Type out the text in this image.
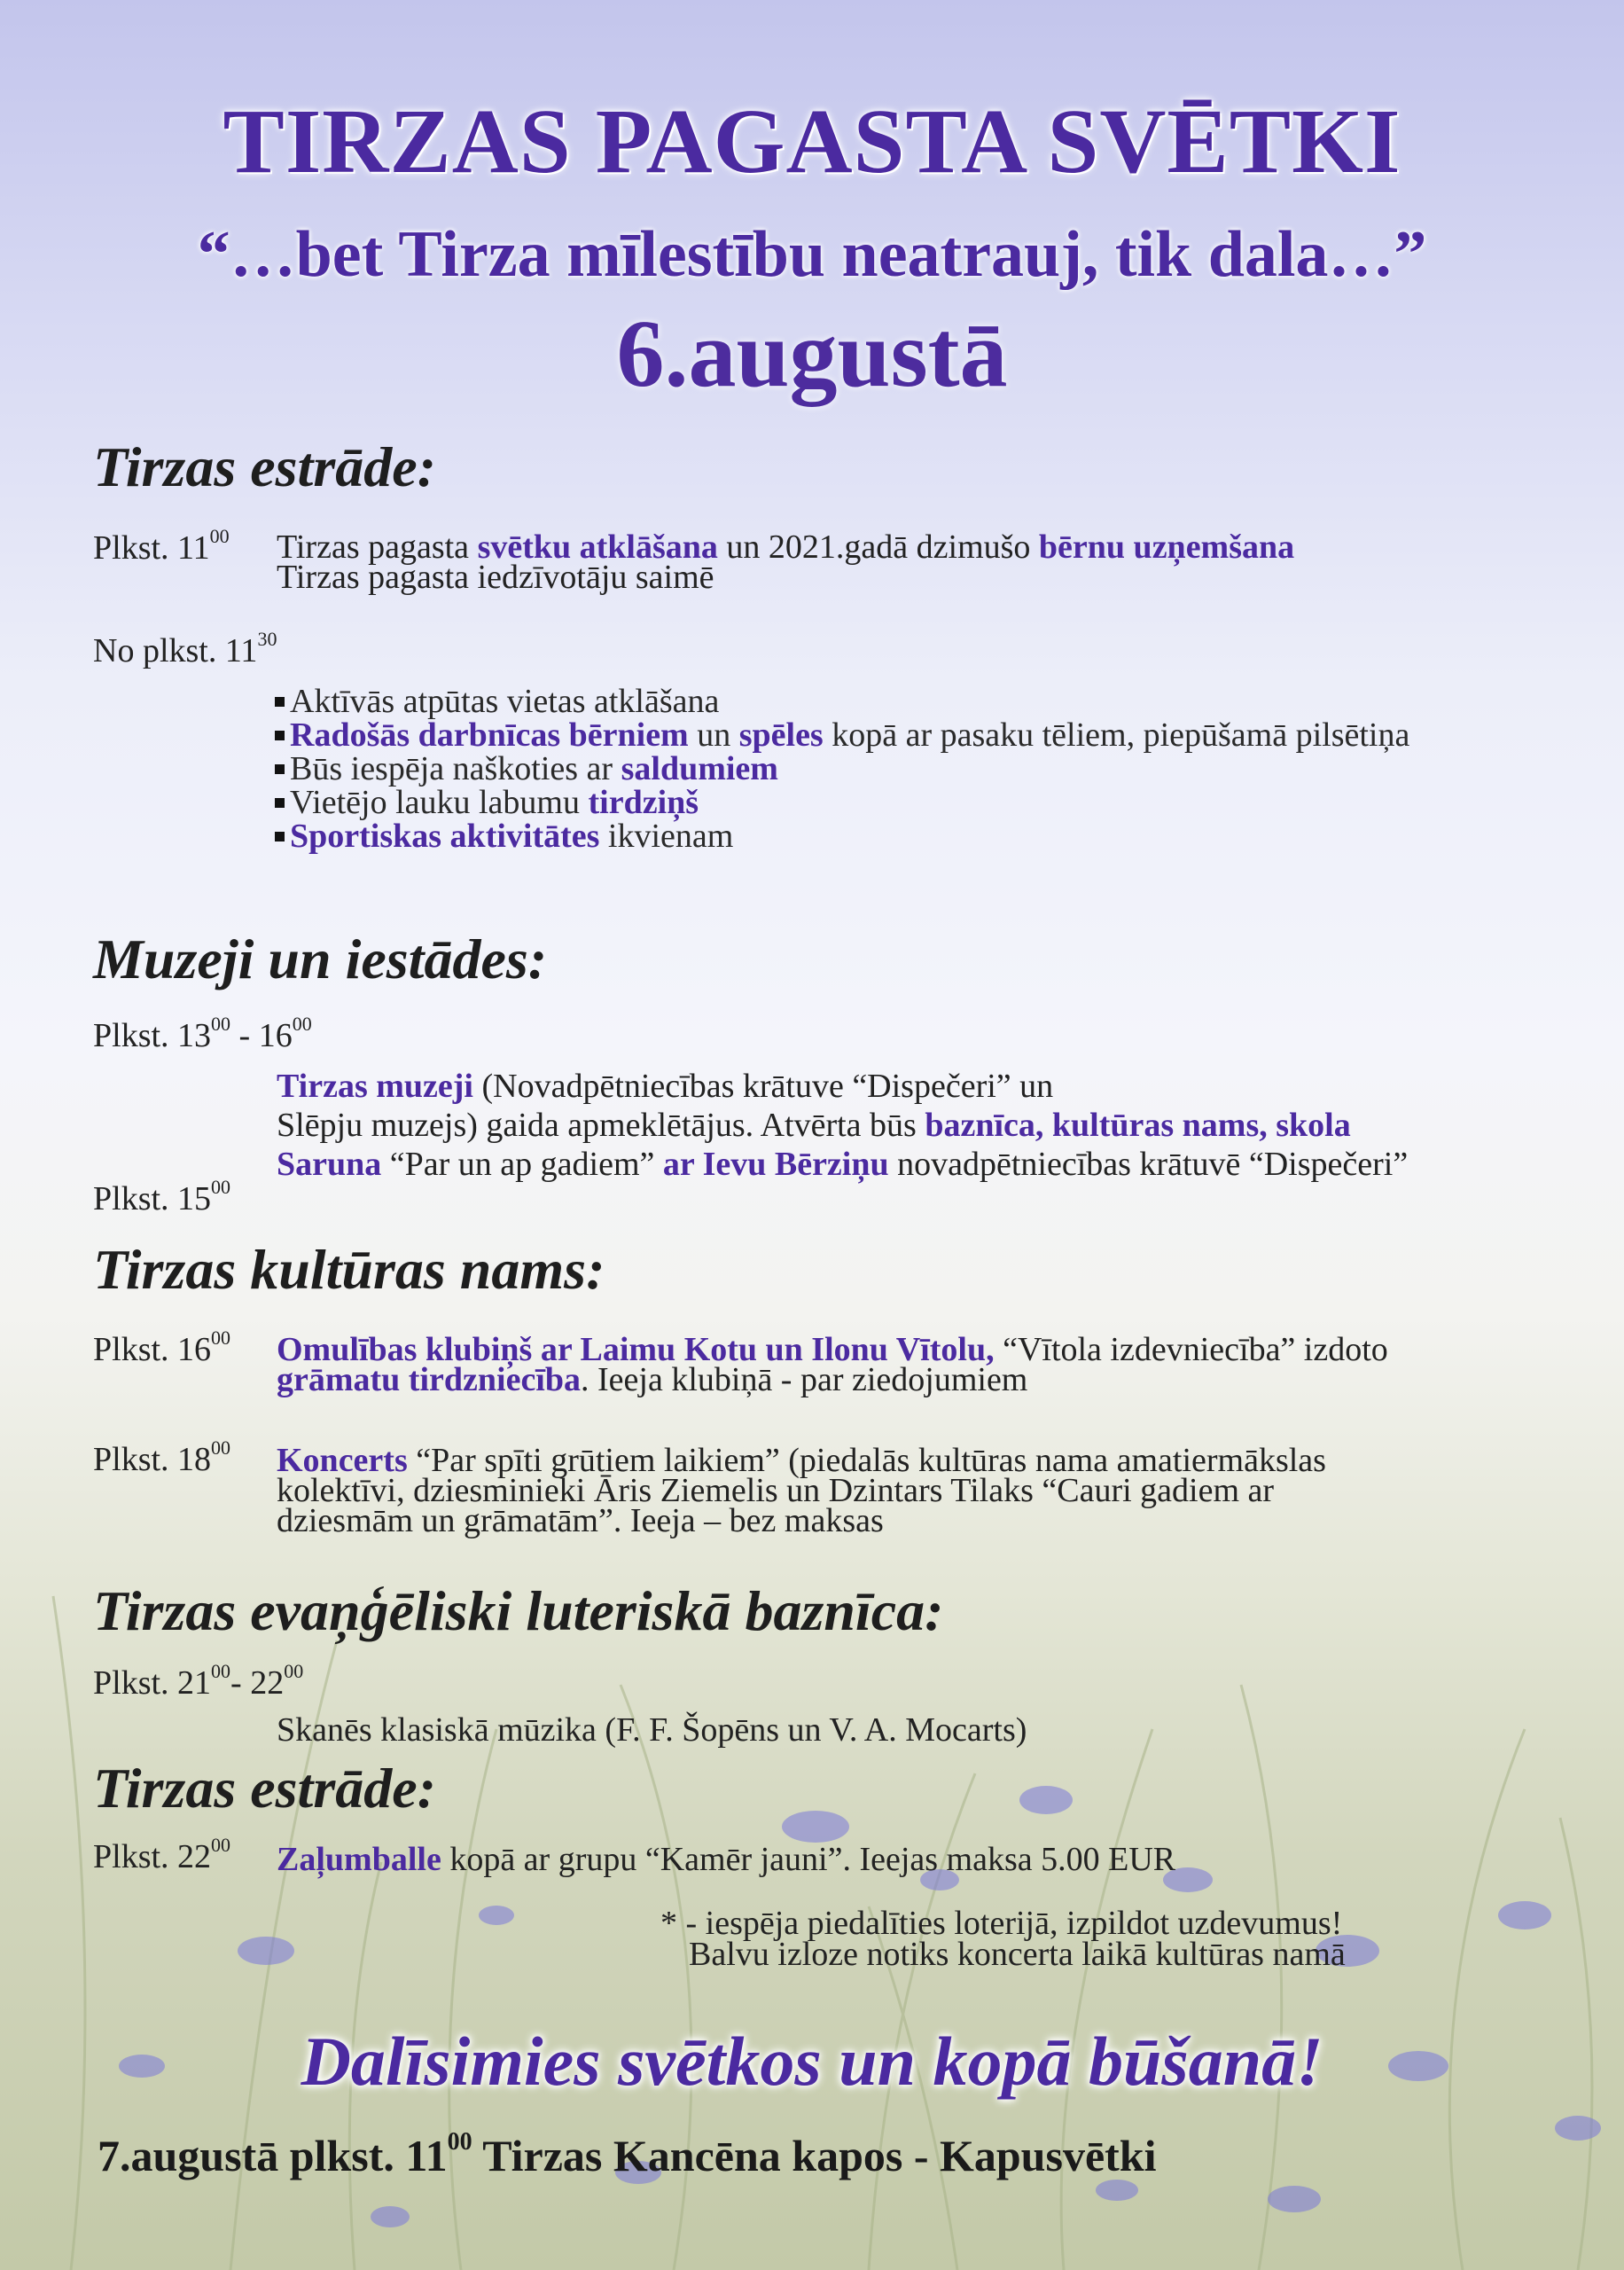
TIRZAS PAGASTA SVĒTKI
“…bet Tirza mīlestību neatrauj, tik dala…”
6.augustā
Tirzas estrāde:
Plkst. $11^{00}$ Tirzas pagasta svētku atklāšana un 2021.gadā dzimušo bērnu uzņemšana
Tirzas pagasta iedzīvotāju saimē
No plkst. $11^{30}$
Aktīvās atpūtas vietas atklāšana
Radošās darbnīcas bērniem un spēles kopā ar pasaku tēliem, piepūšamā pilsētiņa
Būs iespēja naškoties ar saldumiem
Vietējo lauku labumu tirdziņš
Sportiskas aktivitātes ikvienam
Muzeji un iestādes:
Plkst. $13^{00} - 16^{00}$
Tirzas muzeji (Novadpētniecības krātuve “Dispečeri” un
Slēpju muzejs) gaida apmeklētājus. Atvērta būs baznīca, kultūras nams, skola
Saruna “Par un ap gadiem” ar Ievu Bērziņu novadpētniecības krātuvē “Dispečeri”
Plkst. $15^{00}$
Tirzas kultūras nams:
Plkst. $16^{00}$ Omulības klubiņš ar Laimu Kotu un Ilonu Vītolu, “Vītola izdevniecība” izdoto
grāmatu tirdzniecība. Ieeja klubiņā - par ziedojumiem
Plkst. $18^{00}$ Koncerts “Par spīti grūtiem laikiem” (piedalās kultūras nama amatiermākslas
kolektīvi, dziesminieki Āris Ziemelis un Dzintars Tilaks “Cauri gadiem ar
dziesmām un grāmatām”. Ieeja – bez maksas
Tirzas evaņģēliski luteriskā baznīca:
Plkst. $21^{00}-$ $22^{00}$
Skanēs klasiskā mūzika (F. F. Šopēns un V. A. Mocarts)
Tirzas estrāde:
Plkst. $22^{00}$ Zaļumballe kopā ar grupu “Kamēr jauni”. Ieejas maksa 5.00 EUR
* - iespēja piedalīties loterijā, izpildot uzdevumus!
Balvu izloze notiks koncerta laikā kultūras namā
Dalīsimies svētkos un kopā būšanā!
7.augustā plkst. $11^{00}$ Tirzas Kancēna kapos - Kapusvētki
